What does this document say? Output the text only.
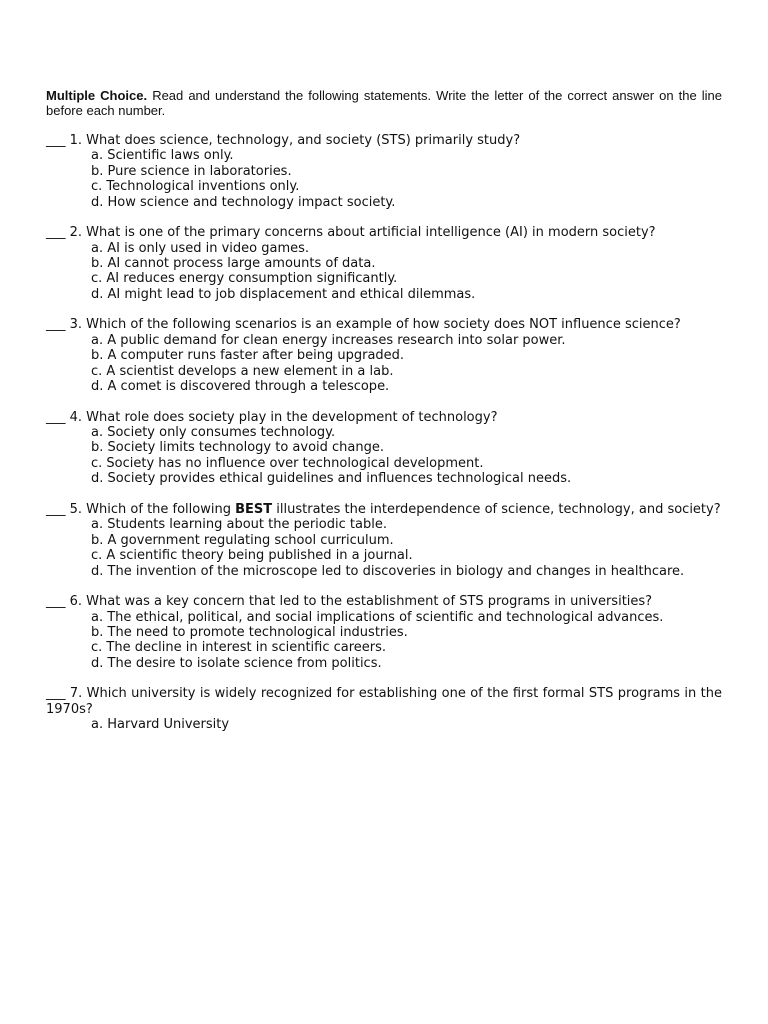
Multiple Choice. Read and understand the following statements. Write the letter of the correct answer on the line before each number.

___ 1. What does science, technology, and society (STS) primarily study?

a. Scientific laws only.

b. Pure science in laboratories.

c. Technological inventions only.

d. How science and technology impact society.

___ 2. What is one of the primary concerns about artificial intelligence (AI) in modern society?

a. AI is only used in video games.

b. AI cannot process large amounts of data.

c. AI reduces energy consumption significantly.

d. AI might lead to job displacement and ethical dilemmas.

___ 3. Which of the following scenarios is an example of how society does NOT influence science?

a. A public demand for clean energy increases research into solar power.

b. A computer runs faster after being upgraded.

c. A scientist develops a new element in a lab.

d. A comet is discovered through a telescope.

___ 4. What role does society play in the development of technology?

a. Society only consumes technology.

b. Society limits technology to avoid change.

c. Society has no influence over technological development.

d. Society provides ethical guidelines and influences technological needs.

___ 5. Which of the following BEST illustrates the interdependence of science, technology, and society?

a. Students learning about the periodic table.

b. A government regulating school curriculum.

c. A scientific theory being published in a journal.

d. The invention of the microscope led to discoveries in biology and changes in healthcare.

___ 6. What was a key concern that led to the establishment of STS programs in universities?

a. The ethical, political, and social implications of scientific and technological advances.

b. The need to promote technological industries.

c. The decline in interest in scientific careers.

d. The desire to isolate science from politics.

___ 7. Which university is widely recognized for establishing one of the first formal STS programs in the 1970s?

a. Harvard University
